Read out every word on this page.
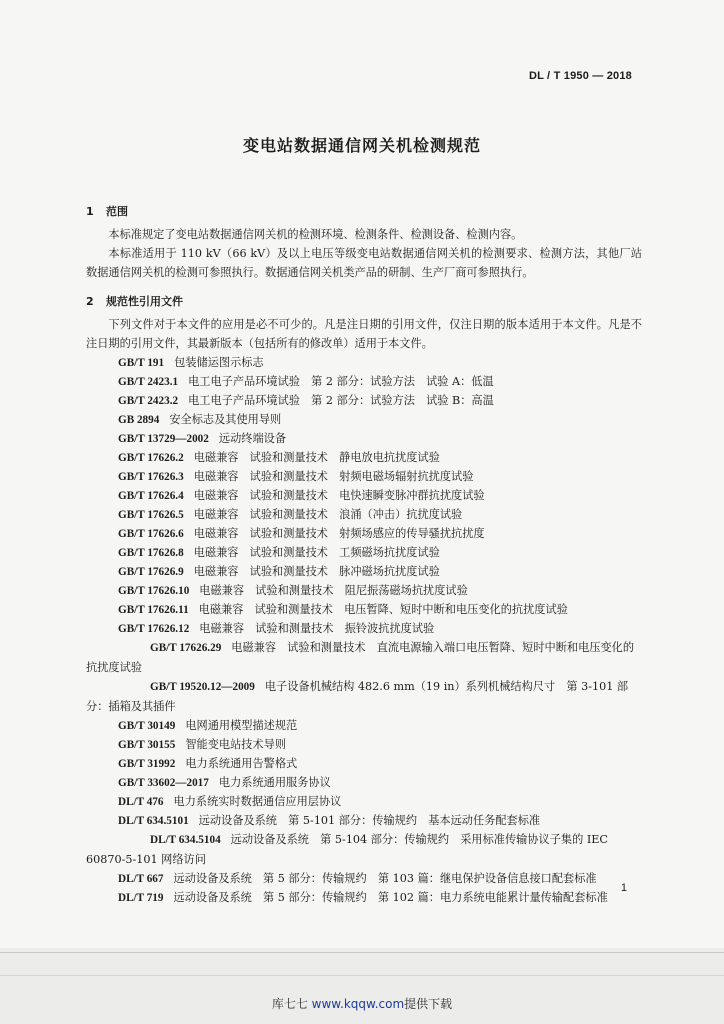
DL / T 1950 — 2018
变电站数据通信网关机检测规范
1 范围

本标准规定了变电站数据通信网关机的检测环境、检测条件、检测设备、检测内容。

本标准适用于 110 kV（66 kV）及以上电压等级变电站数据通信网关机的检测要求、检测方法，其他厂站数据通信网关机的检测可参照执行。数据通信网关机类产品的研制、生产厂商可参照执行。

2 规范性引用文件

下列文件对于本文件的应用是必不可少的。凡是注日期的引用文件，仅注日期的版本适用于本文件。凡是不注日期的引用文件，其最新版本（包括所有的修改单）适用于本文件。

GB/T 191 包装储运图示标志
GB/T 2423.1 电工电子产品环境试验　第 2 部分：试验方法　试验 A：低温
GB/T 2423.2 电工电子产品环境试验　第 2 部分：试验方法　试验 B：高温
GB 2894 安全标志及其使用导则
GB/T 13729—2002 远动终端设备
GB/T 17626.2 电磁兼容　试验和测量技术　静电放电抗扰度试验
GB/T 17626.3 电磁兼容　试验和测量技术　射频电磁场辐射抗扰度试验
GB/T 17626.4 电磁兼容　试验和测量技术　电快速瞬变脉冲群抗扰度试验
GB/T 17626.5 电磁兼容　试验和测量技术　浪涌（冲击）抗扰度试验
GB/T 17626.6 电磁兼容　试验和测量技术　射频场感应的传导骚扰抗扰度
GB/T 17626.8 电磁兼容　试验和测量技术　工频磁场抗扰度试验
GB/T 17626.9 电磁兼容　试验和测量技术　脉冲磁场抗扰度试验
GB/T 17626.10 电磁兼容　试验和测量技术　阻尼振荡磁场抗扰度试验
GB/T 17626.11 电磁兼容　试验和测量技术　电压暂降、短时中断和电压变化的抗扰度试验
GB/T 17626.12 电磁兼容　试验和测量技术　振铃波抗扰度试验
GB/T 17626.29 电磁兼容　试验和测量技术　直流电源输入端口电压暂降、短时中断和电压变化的抗扰度试验
GB/T 19520.12—2009 电子设备机械结构 482.6 mm（19 in）系列机械结构尺寸　第 3-101 部分：插箱及其插件
GB/T 30149 电网通用模型描述规范
GB/T 30155 智能变电站技术导则
GB/T 31992 电力系统通用告警格式
GB/T 33602—2017 电力系统通用服务协议
DL/T 476 电力系统实时数据通信应用层协议
DL/T 634.5101 远动设备及系统　第 5-101 部分：传输规约　基本远动任务配套标准
DL/T 634.5104 远动设备及系统　第 5-104 部分：传输规约　采用标准传输协议子集的 IEC 60870-5-101 网络访问
DL/T 667 远动设备及系统　第 5 部分：传输规约　第 103 篇：继电保护设备信息接口配套标准
DL/T 719 远动设备及系统　第 5 部分：传输规约　第 102 篇：电力系统电能累计量传输配套标准
1
库七七 www.kqqw.com提供下载
